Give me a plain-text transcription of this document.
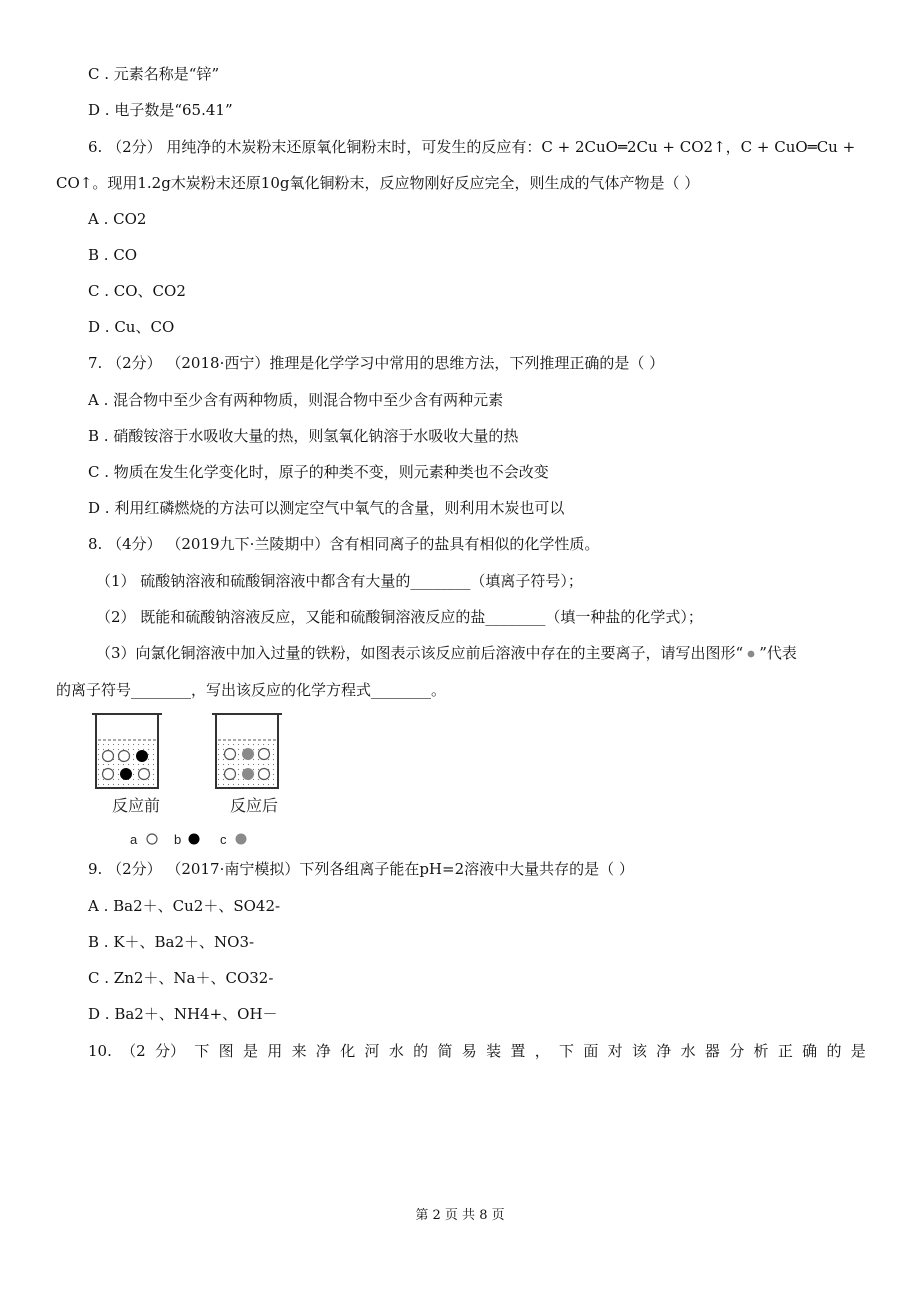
C . 元素名称是“锌”
D . 电子数是“65.41”
6. （2分） 用纯净的木炭粉末还原氧化铜粉末时，可发生的反应有：C + 2CuO═2Cu + CO2↑，C + CuO═Cu +
CO↑。现用1.2g木炭粉末还原10g氧化铜粉末，反应物刚好反应完全，则生成的气体产物是（ ）
A . CO2
B . CO
C . CO、CO2
D . Cu、CO
7. （2分） （2018·西宁）推理是化学学习中常用的思维方法，下列推理正确的是（ ）
A . 混合物中至少含有两种物质，则混合物中至少含有两种元素
B . 硝酸铵溶于水吸收大量的热，则氢氧化钠溶于水吸收大量的热
C . 物质在发生化学变化时，原子的种类不变，则元素种类也不会改变
D . 利用红磷燃烧的方法可以测定空气中氧气的含量，则利用木炭也可以
8. （4分） （2019九下·兰陵期中）含有相同离子的盐具有相似的化学性质。
（1） 硫酸钠溶液和硫酸铜溶液中都含有大量的________（填离子符号）；
（2） 既能和硫酸钠溶液反应，又能和硫酸铜溶液反应的盐________（填一种盐的化学式）；
（3）向氯化铜溶液中加入过量的铁粉，如图表示该反应前后溶液中存在的主要离子，请写出图形“ ”代表
的离子符号________，写出该反应的化学方程式________。
反应前	反应后
a	b	c
9. （2分） （2017·南宁模拟）下列各组离子能在pH=2溶液中大量共存的是（ ）
A . Ba2＋、Cu2＋、SO42-
B . K＋、Ba2＋、NO3-
C . Zn2＋、Na＋、CO32-
D . Ba2＋、NH4+、OH－
10. （2 分） 下 图 是 用 来 净 化 河 水 的 简 易 装 置 ， 下 面 对 该 净 水 器 分 析 正 确 的 是
第 2 页 共 8 页
